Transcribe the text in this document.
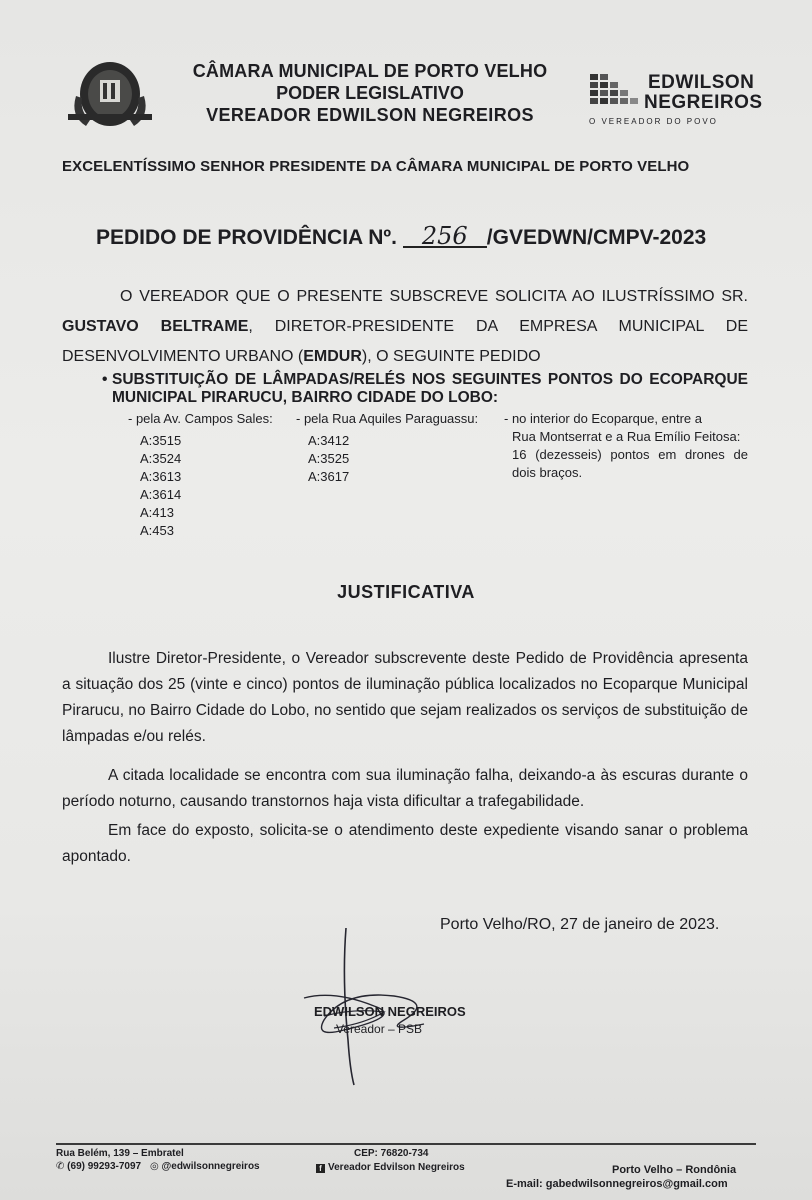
CÂMARA MUNICIPAL DE PORTO VELHO
PODER LEGISLATIVO
VEREADOR EDWILSON NEGREIROS
EDWILSON
NEGREIROS
O VEREADOR DO POVO
EXCELENTÍSSIMO SENHOR PRESIDENTE DA CÂMARA MUNICIPAL DE PORTO VELHO
PEDIDO DE PROVIDÊNCIA Nº. 256 /GVEDWN/CMPV-2023
O VEREADOR QUE O PRESENTE SUBSCREVE SOLICITA AO ILUSTRÍSSIMO SR. GUSTAVO BELTRAME, DIRETOR-PRESIDENTE DA EMPRESA MUNICIPAL DE DESENVOLVIMENTO URBANO (EMDUR), O SEGUINTE PEDIDO
• SUBSTITUIÇÃO DE LÂMPADAS/RELÉS NOS SEGUINTES PONTOS DO ECOPARQUE MUNICIPAL PIRARUCU, BAIRRO CIDADE DO LOBO:
- pela Av. Campos Sales:
A:3515
A:3524
A:3613
A:3614
A:413
A:453
- pela Rua Aquiles Paraguassu:
A:3412
A:3525
A:3617
- no interior do Ecoparque, entre a
Rua Montserrat e a Rua Emílio Feitosa:
16 (dezesseis) pontos em drones de dois braços.
JUSTIFICATIVA
Ilustre Diretor-Presidente, o Vereador subscrevente deste Pedido de Providência apresenta a situação dos 25 (vinte e cinco) pontos de iluminação pública localizados no Ecoparque Municipal Pirarucu, no Bairro Cidade do Lobo, no sentido que sejam realizados os serviços de substituição de lâmpadas e/ou relés.
A citada localidade se encontra com sua iluminação falha, deixando-a às escuras durante o período noturno, causando transtornos haja vista dificultar a trafegabilidade.
Em face do exposto, solicita-se o atendimento deste expediente visando sanar o problema apontado.
Porto Velho/RO, 27 de janeiro de 2023.
EDWILSON NEGREIROS
Vereador – PSB
Rua Belém, 139 – Embratel
✆ (69) 99293-7097 ◎ @edwilsonnegreiros
CEP: 76820-734
f Vereador Edvilson Negreiros	Porto Velho – Rondônia
E-mail: gabedwilsonnegreiros@gmail.com
